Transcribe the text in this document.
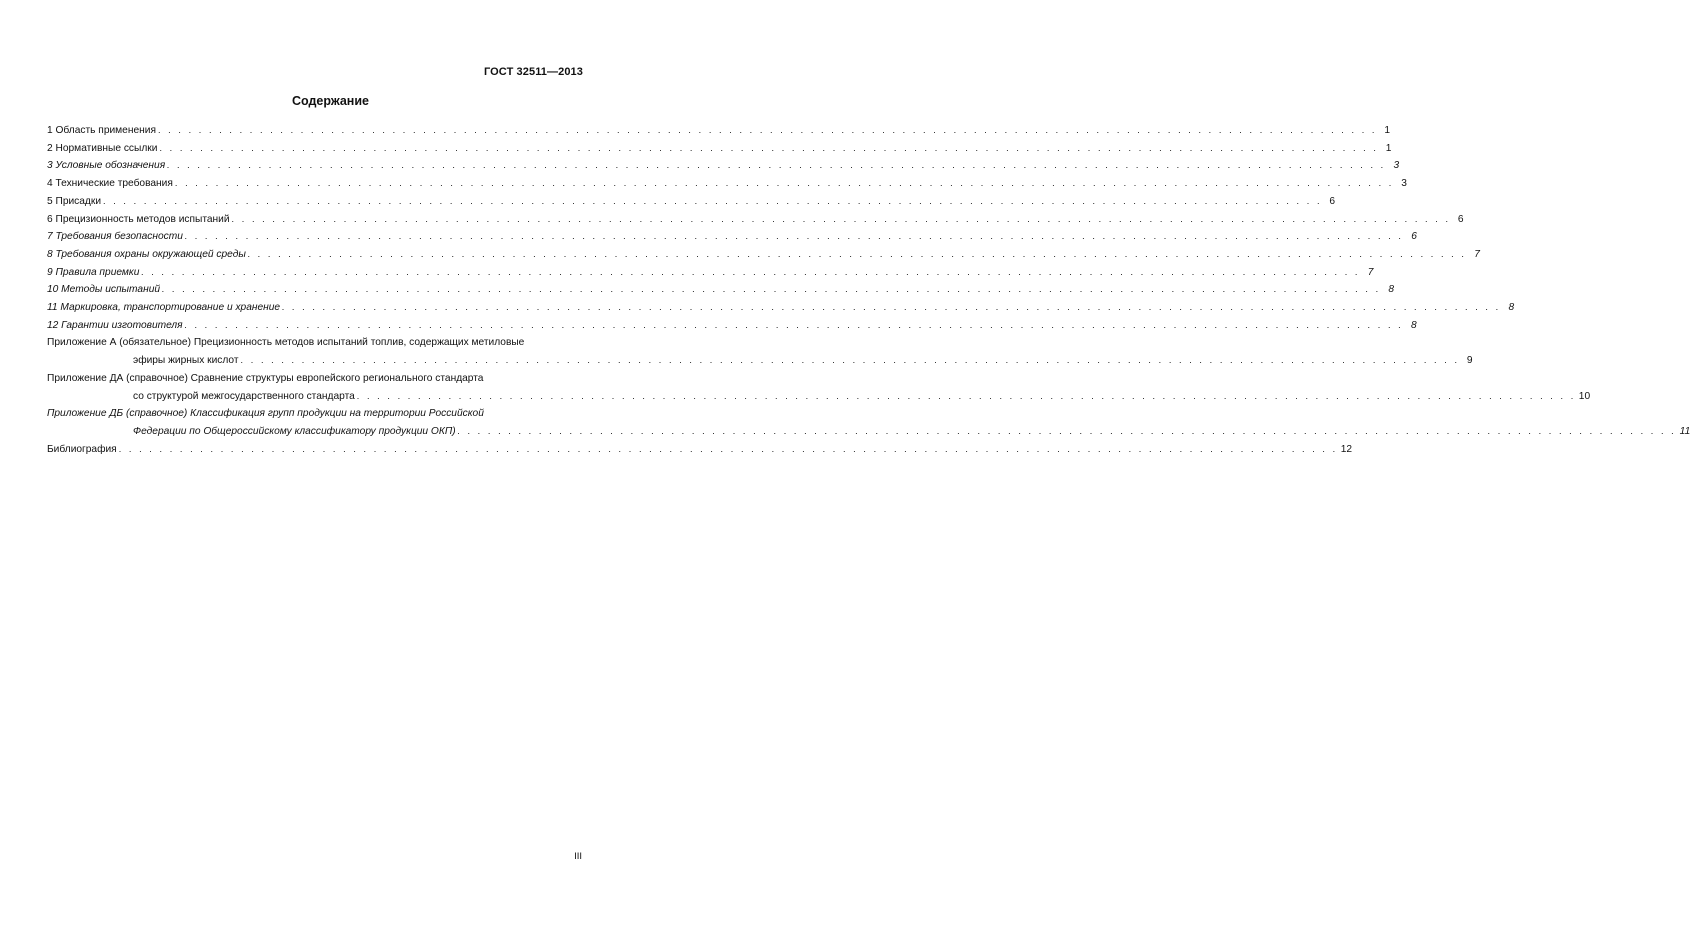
ГОСТ 32511—2013
Содержание
1 Область применения . . . . . . . . . . . . . . . . . . . . . . . . . . . . . . . . . . . . . . . . . . . . . . . . . . . . . . . . . . . . . . . . . . . . . . . . . . . . . . . . . . . . . . . . . . . . . . . . . . . . . . . . . . . . . . . . . . . . . . . . 1
2 Нормативные ссылки . . . . . . . . . . . . . . . . . . . . . . . . . . . . . . . . . . . . . . . . . . . . . . . . . . . . . . . . . . . . . . . . . . . . . . . . . . . . . . . . . . . . . . . . . . . . . . . . . . . . . . . . . . . . . . . . . . . . . . . . 1
3 Условные обозначения . . . . . . . . . . . . . . . . . . . . . . . . . . . . . . . . . . . . . . . . . . . . . . . . . . . . . . . . . . . . . . . . . . . . . . . . . . . . . . . . . . . . . . . . . . . . . . . . . . . . . . . . . . . . . . . . . . . . . . . . 3
4 Технические требования . . . . . . . . . . . . . . . . . . . . . . . . . . . . . . . . . . . . . . . . . . . . . . . . . . . . . . . . . . . . . . . . . . . . . . . . . . . . . . . . . . . . . . . . . . . . . . . . . . . . . . . . . . . . . . . . . . . . . . . . 3
5 Присадки . . . . . . . . . . . . . . . . . . . . . . . . . . . . . . . . . . . . . . . . . . . . . . . . . . . . . . . . . . . . . . . . . . . . . . . . . . . . . . . . . . . . . . . . . . . . . . . . . . . . . . . . . . . . . . . . . . . . . . . . 6
6 Прецизионность методов испытаний . . . . . . . . . . . . . . . . . . . . . . . . . . . . . . . . . . . . . . . . . . . . . . . . . . . . . . . . . . . . . . . . . . . . . . . . . . . . . . . . . . . . . . . . . . . . . . . . . . . . . . . . . . . . . . . . . . . . . . . . 6
7 Требования безопасности . . . . . . . . . . . . . . . . . . . . . . . . . . . . . . . . . . . . . . . . . . . . . . . . . . . . . . . . . . . . . . . . . . . . . . . . . . . . . . . . . . . . . . . . . . . . . . . . . . . . . . . . . . . . . . . . . . . . . . . . 6
8 Требования охраны окружающей среды . . . . . . . . . . . . . . . . . . . . . . . . . . . . . . . . . . . . . . . . . . . . . . . . . . . . . . . . . . . . . . . . . . . . . . . . . . . . . . . . . . . . . . . . . . . . . . . . . . . . . . . . . . . . . . . . . . . . . . . . 7
9 Правила приемки . . . . . . . . . . . . . . . . . . . . . . . . . . . . . . . . . . . . . . . . . . . . . . . . . . . . . . . . . . . . . . . . . . . . . . . . . . . . . . . . . . . . . . . . . . . . . . . . . . . . . . . . . . . . . . . . . . . . . . . . 7
10 Методы испытаний . . . . . . . . . . . . . . . . . . . . . . . . . . . . . . . . . . . . . . . . . . . . . . . . . . . . . . . . . . . . . . . . . . . . . . . . . . . . . . . . . . . . . . . . . . . . . . . . . . . . . . . . . . . . . . . . . . . . . . . . 8
11 Маркировка, транспортирование и хранение . . . . . . . . . . . . . . . . . . . . . . . . . . . . . . . . . . . . . . . . . . . . . . . . . . . . . . . . . . . . . . . . . . . . . . . . . . . . . . . . . . . . . . . . . . . . . . . . . . . . . . . . . . . . . . . . . . . . . . . . 8
12 Гарантии изготовителя . . . . . . . . . . . . . . . . . . . . . . . . . . . . . . . . . . . . . . . . . . . . . . . . . . . . . . . . . . . . . . . . . . . . . . . . . . . . . . . . . . . . . . . . . . . . . . . . . . . . . . . . . . . . . . . . . . . . . . . . 8
Приложение А (обязательное) Прецизионность методов испытаний топлив, содержащих метиловые
эфиры жирных кислот . . . . . . . . . . . . . . . . . . . . . . . . . . . . . . . . . . . . . . . . . . . . . . . . . . . . . . . . . . . . . . . . . . . . . . . . . . . . . . . . . . . . . . . . . . . . . . . . . . . . . . . . . . . . . . . . . . . . . . . . 9
Приложение ДА (справочное) Сравнение структуры европейского регионального стандарта
со структурой межгосударственного стандарта . . . . . . . . . . . . . . . . . . . . . . . . . . . . . . . . . . . . . . . . . . . . . . . . . . . . . . . . . . . . . . . . . . . . . . . . . . . . . . . . . . . . . . . . . . . . . . . . . . . . . . . . . . . . . . . . . . . . . . . . 10
Приложение ДБ (справочное) Классификация групп продукции на территории Российской
Федерации по Общероссийскому классификатору продукции ОКП) . . . . . . . . . . . . . . . . . . . . . . . . . . . . . . . . . . . . . . . . . . . . . . . . . . . . . . . . . . . . . . . . . . . . . . . . . . . . . . . . . . . . . . . . . . . . . . . . . . . . . . . . . . . . . . . . . . . . . . . . 11
Библиография . . . . . . . . . . . . . . . . . . . . . . . . . . . . . . . . . . . . . . . . . . . . . . . . . . . . . . . . . . . . . . . . . . . . . . . . . . . . . . . . . . . . . . . . . . . . . . . . . . . . . . . . . . . . . . . . . . . . . . . . 12
III
